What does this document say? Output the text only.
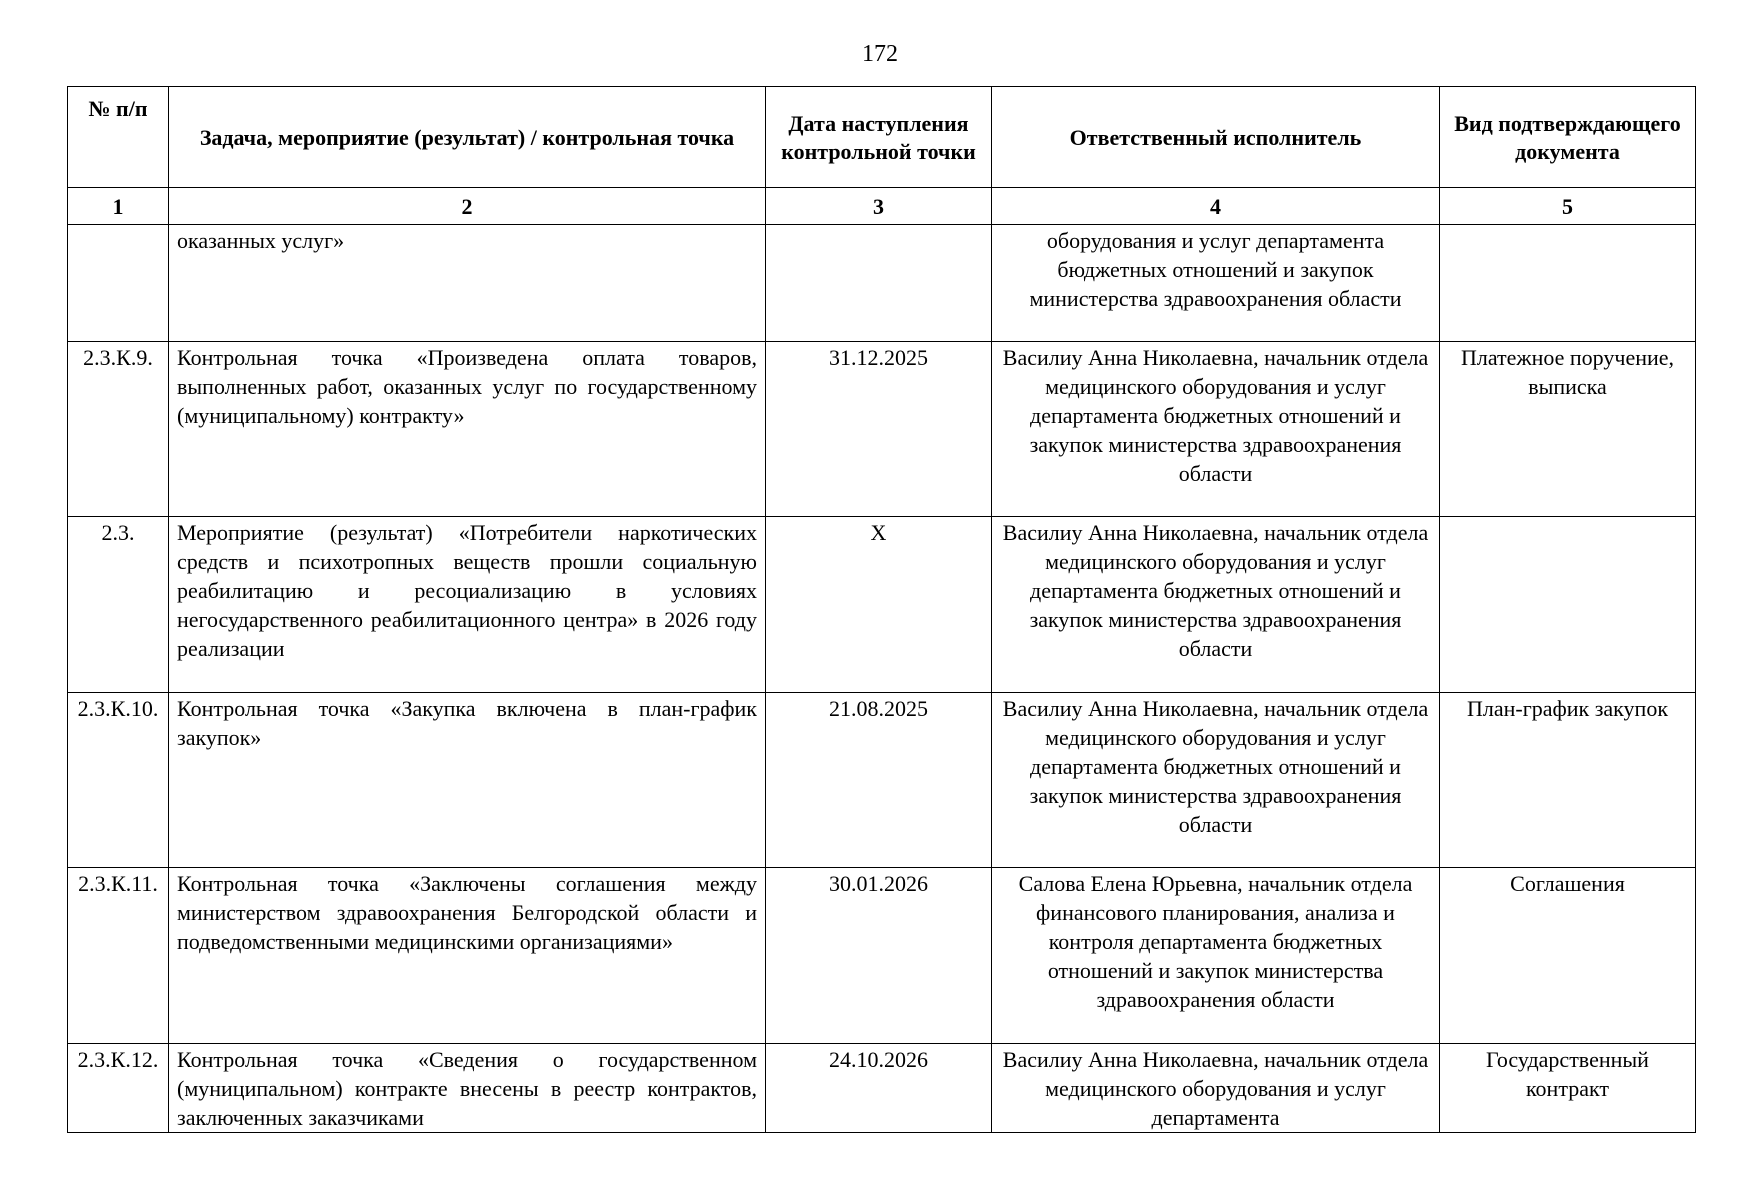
172
№ п/п	Задача, мероприятие (результат) / контрольная точка	Дата наступления контрольной точки	Ответственный исполнитель	Вид подтверждающего документа
1	2	3	4	5
	оказанных услуг»		оборудования и услуг департамента бюджетных отношений и закупок министерства здравоохранения области	
2.3.К.9.	Контрольная точка «Произведена оплата товаров, выполненных работ, оказанных услуг по государственному (муниципальному) контракту»	31.12.2025	Василиу Анна Николаевна, начальник отдела медицинского оборудования и услуг департамента бюджетных отношений и закупок министерства здравоохранения области	Платежное поручение, выписка
2.3.	Мероприятие (результат) «Потребители наркотических средств и психотропных веществ прошли социальную реабилитацию и ресоциализацию в условиях негосударственного реабилитационного центра» в 2026 году реализации	Х	Василиу Анна Николаевна, начальник отдела медицинского оборудования и услуг департамента бюджетных отношений и закупок министерства здравоохранения области	
2.3.К.10.	Контрольная точка «Закупка включена в план-график закупок»	21.08.2025	Василиу Анна Николаевна, начальник отдела медицинского оборудования и услуг департамента бюджетных отношений и закупок министерства здравоохранения области	План-график закупок
2.3.К.11.	Контрольная точка «Заключены соглашения между министерством здравоохранения Белгородской области и подведомственными медицинскими организациями»	30.01.2026	Салова Елена Юрьевна, начальник отдела финансового планирования, анализа и контроля департамента бюджетных отношений и закупок министерства здравоохранения области	Соглашения
2.3.К.12.	Контрольная точка «Сведения о государственном (муниципальном) контракте внесены в реестр контрактов, заключенных заказчиками	24.10.2026	Василиу Анна Николаевна, начальник отдела медицинского оборудования и услуг департамента	Государственный контракт
